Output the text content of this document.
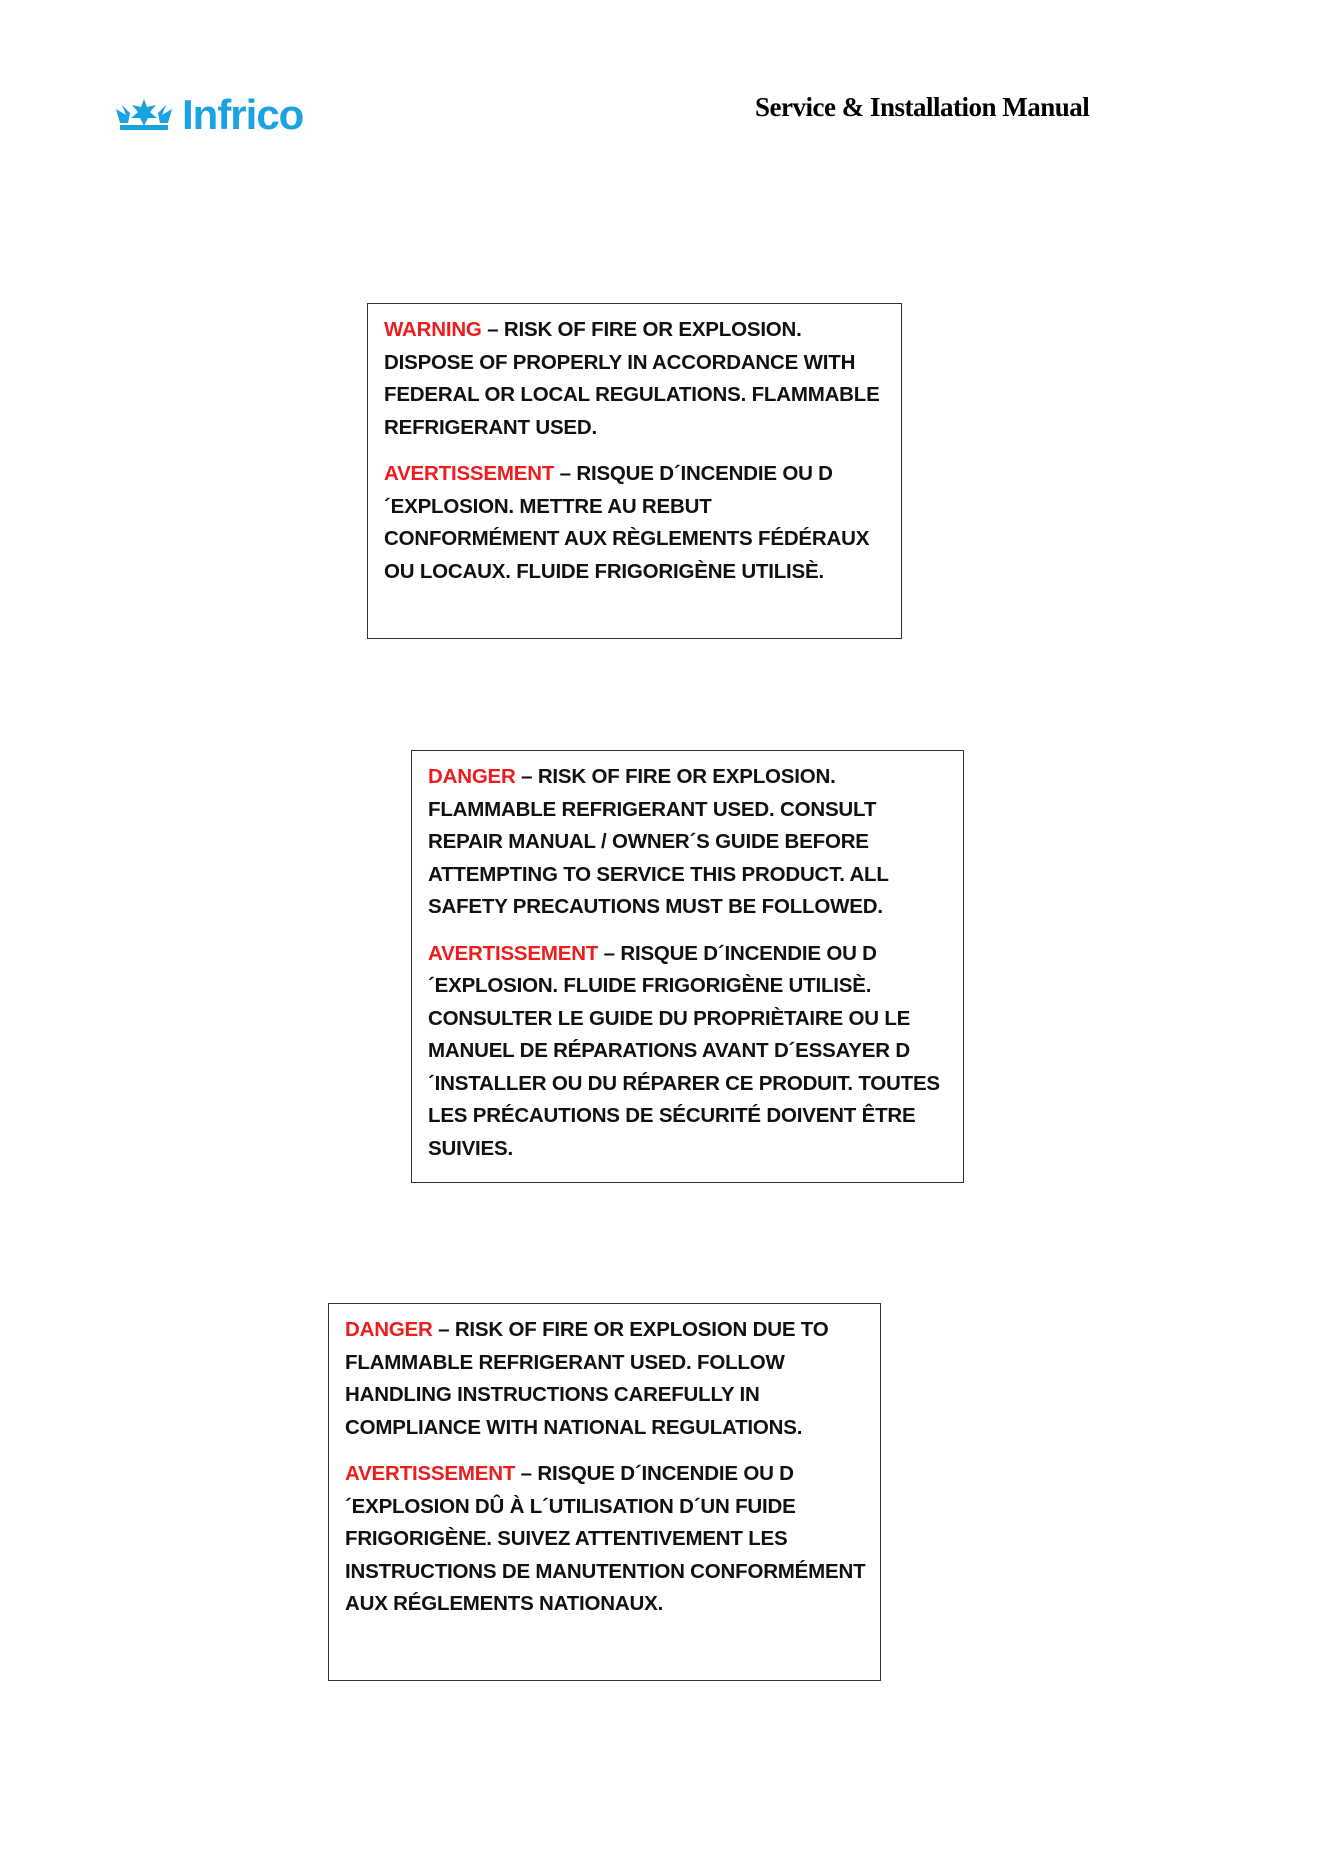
Infrico	Service & Installation Manual

WARNING – RISK OF FIRE OR EXPLOSION. DISPOSE OF PROPERLY IN ACCORDANCE WITH FEDERAL OR LOCAL REGULATIONS. FLAMMABLE REFRIGERANT USED.

AVERTISSEMENT – RISQUE D´INCENDIE OU D´EXPLOSION. METTRE AU REBUT CONFORMÉMENT AUX RÈGLEMENTS FÉDÉRAUX OU LOCAUX. FLUIDE FRIGORIGÈNE UTILISÈ.

DANGER – RISK OF FIRE OR EXPLOSION. FLAMMABLE REFRIGERANT USED. CONSULT REPAIR MANUAL / OWNER´S GUIDE BEFORE ATTEMPTING TO SERVICE THIS PRODUCT. ALL SAFETY PRECAUTIONS MUST BE FOLLOWED.

AVERTISSEMENT – RISQUE D´INCENDIE OU D´EXPLOSION. FLUIDE FRIGORIGÈNE UTILISÈ. CONSULTER LE GUIDE DU PROPRIÈTAIRE OU LE MANUEL DE RÉPARATIONS AVANT D´ESSAYER D´INSTALLER OU DU RÉPARER CE PRODUIT. TOUTES LES PRÉCAUTIONS DE SÉCURITÉ DOIVENT ÊTRE SUIVIES.

DANGER – RISK OF FIRE OR EXPLOSION DUE TO FLAMMABLE REFRIGERANT USED. FOLLOW HANDLING INSTRUCTIONS CAREFULLY IN COMPLIANCE WITH NATIONAL REGULATIONS.

AVERTISSEMENT – RISQUE D´INCENDIE OU D´EXPLOSION DÛ À L´UTILISATION D´UN FUIDE FRIGORIGÈNE. SUIVEZ ATTENTIVEMENT LES INSTRUCTIONS DE MANUTENTION CONFORMÉMENT AUX RÉGLEMENTS NATIONAUX.
